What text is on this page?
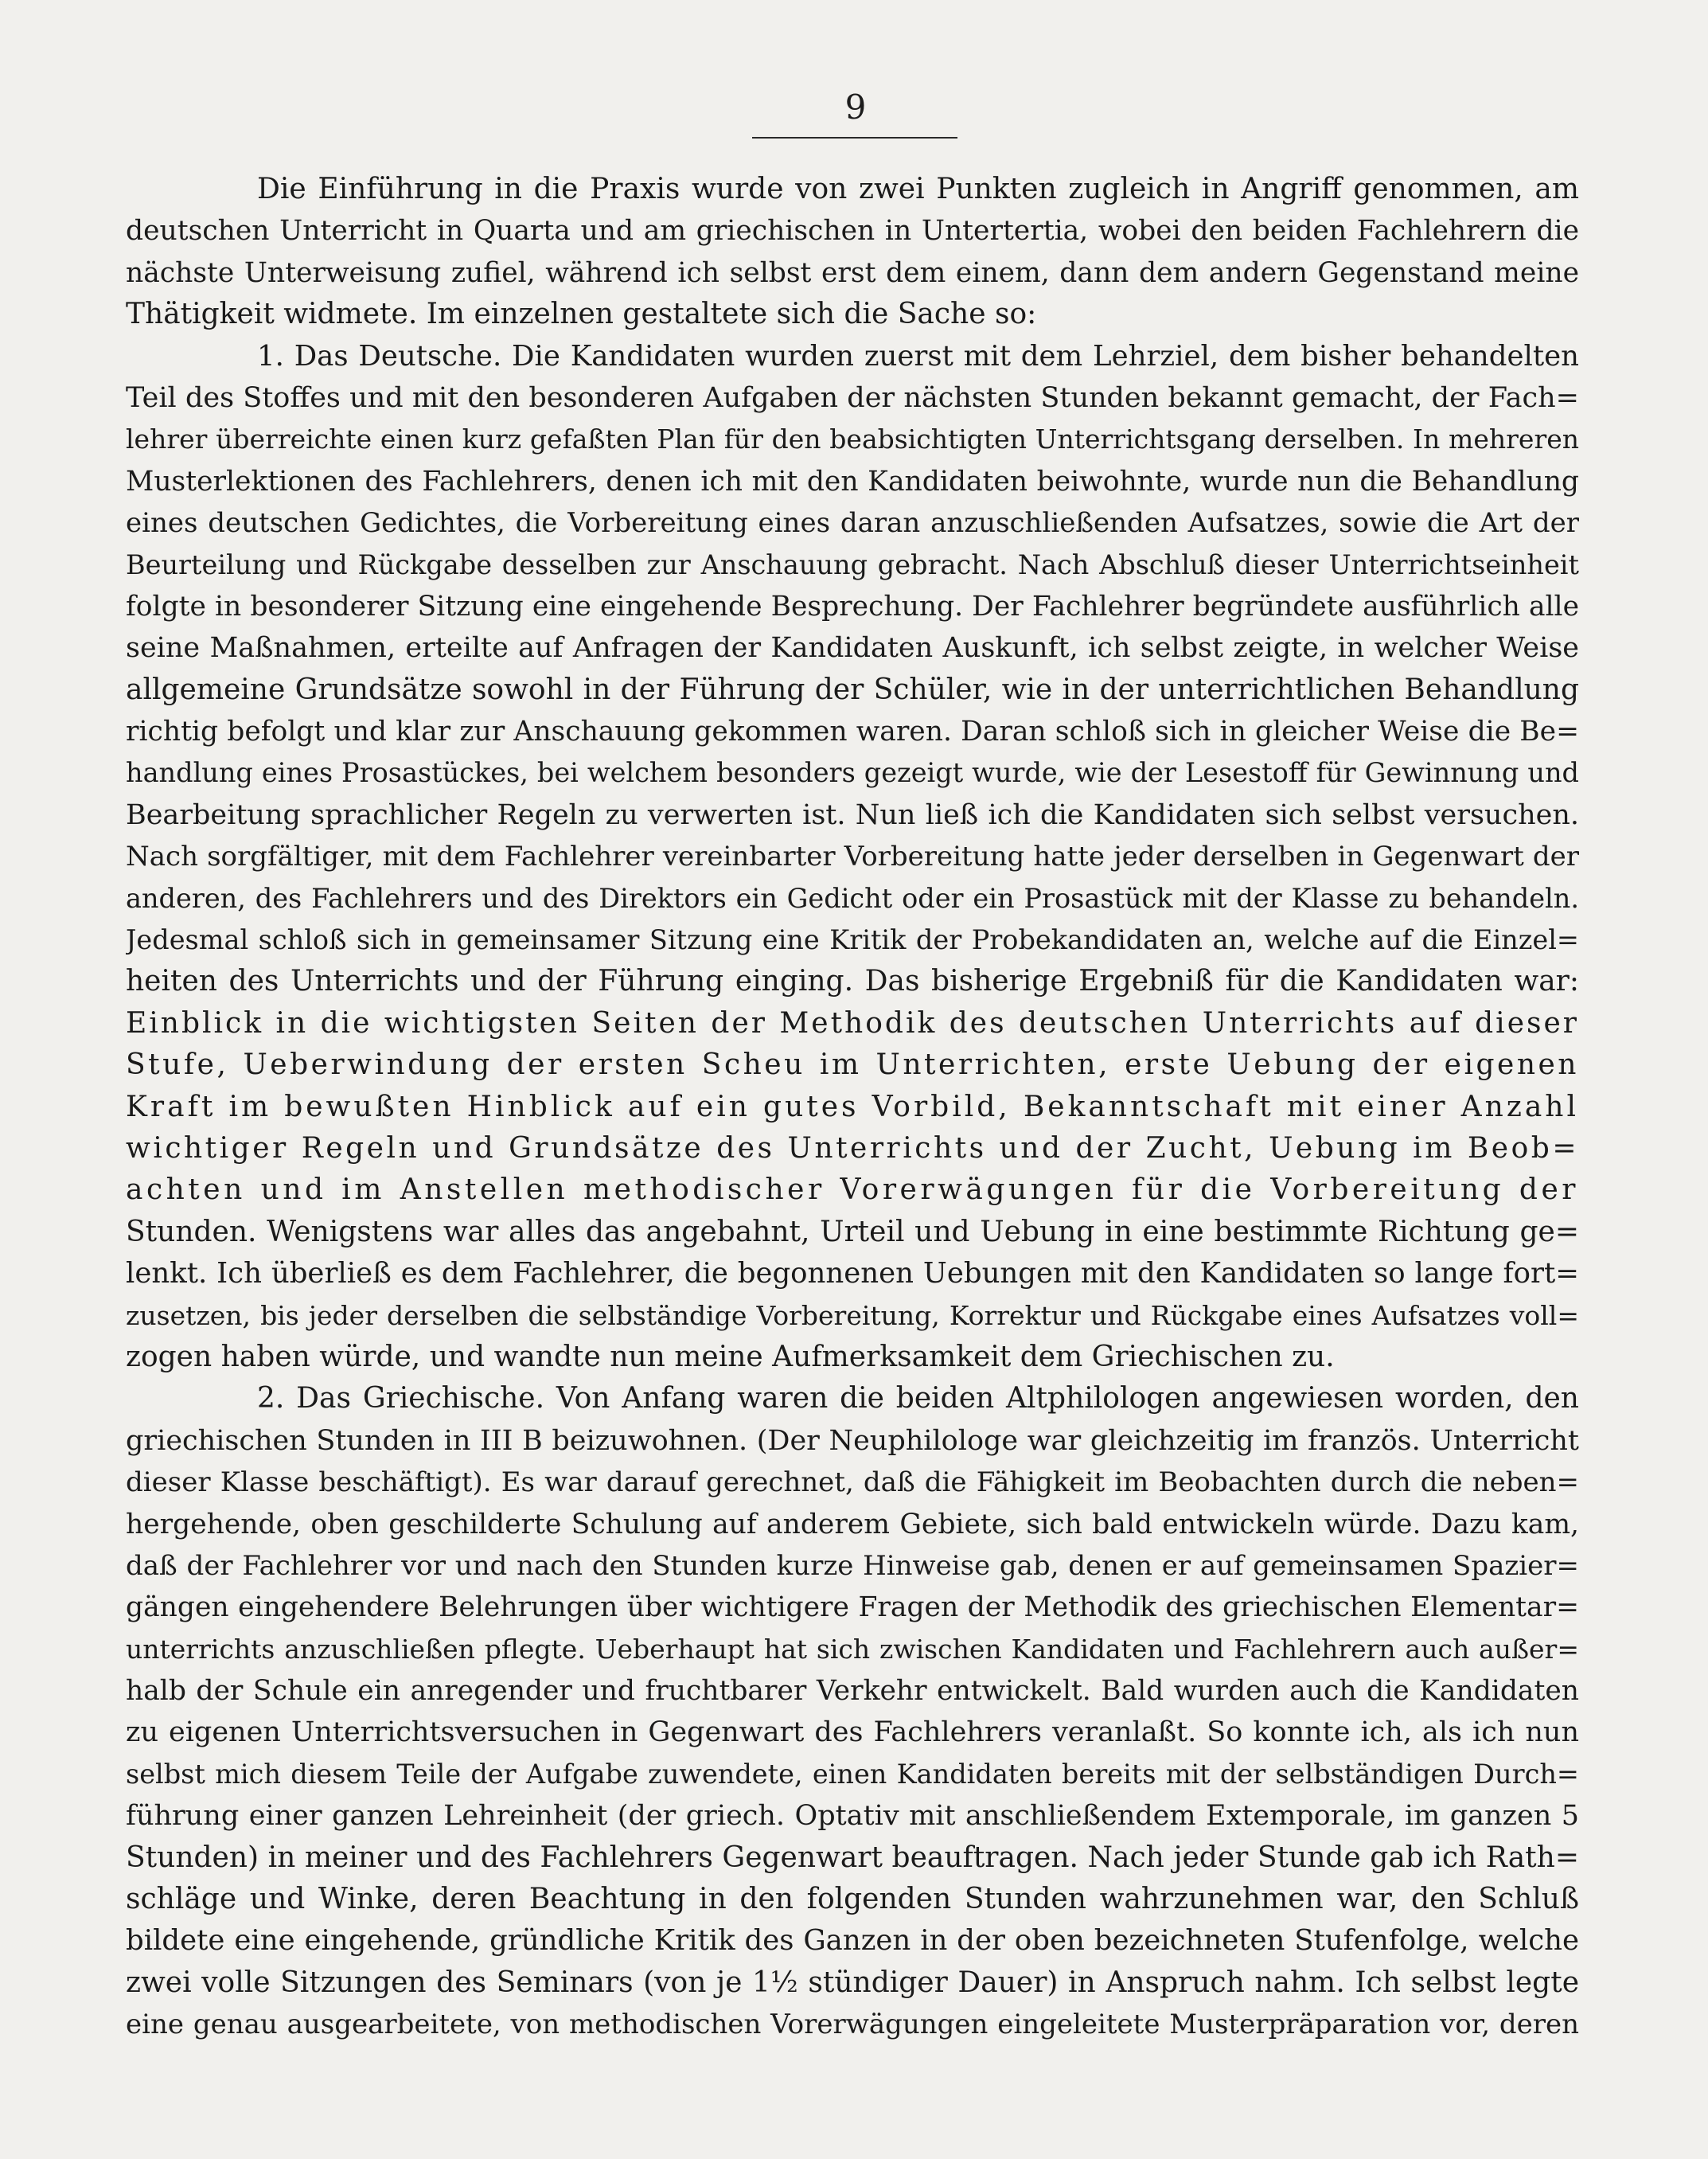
9
Die Einführung in die Praxis wurde von zwei Punkten zugleich in Angriff genommen, am
deutschen Unterricht in Quarta und am griechischen in Untertertia, wobei den beiden Fachlehrern die
nächste Unterweisung zufiel, während ich selbst erst dem einem, dann dem andern Gegenstand meine
Thätigkeit widmete. Im einzelnen gestaltete sich die Sache so:
1. Das Deutsche. Die Kandidaten wurden zuerst mit dem Lehrziel, dem bisher behandelten
Teil des Stoffes und mit den besonderen Aufgaben der nächsten Stunden bekannt gemacht, der Fach=
lehrer überreichte einen kurz gefaßten Plan für den beabsichtigten Unterrichtsgang derselben. In mehreren
Musterlektionen des Fachlehrers, denen ich mit den Kandidaten beiwohnte, wurde nun die Behandlung
eines deutschen Gedichtes, die Vorbereitung eines daran anzuschließenden Aufsatzes, sowie die Art der
Beurteilung und Rückgabe desselben zur Anschauung gebracht. Nach Abschluß dieser Unterrichtseinheit
folgte in besonderer Sitzung eine eingehende Besprechung. Der Fachlehrer begründete ausführlich alle
seine Maßnahmen, erteilte auf Anfragen der Kandidaten Auskunft, ich selbst zeigte, in welcher Weise
allgemeine Grundsätze sowohl in der Führung der Schüler, wie in der unterrichtlichen Behandlung
richtig befolgt und klar zur Anschauung gekommen waren. Daran schloß sich in gleicher Weise die Be=
handlung eines Prosastückes, bei welchem besonders gezeigt wurde, wie der Lesestoff für Gewinnung und
Bearbeitung sprachlicher Regeln zu verwerten ist. Nun ließ ich die Kandidaten sich selbst versuchen.
Nach sorgfältiger, mit dem Fachlehrer vereinbarter Vorbereitung hatte jeder derselben in Gegenwart der
anderen, des Fachlehrers und des Direktors ein Gedicht oder ein Prosastück mit der Klasse zu behandeln.
Jedesmal schloß sich in gemeinsamer Sitzung eine Kritik der Probekandidaten an, welche auf die Einzel=
heiten des Unterrichts und der Führung einging. Das bisherige Ergebniß für die Kandidaten war:
Einblick in die wichtigsten Seiten der Methodik des deutschen Unterrichts auf dieser
Stufe, Ueberwindung der ersten Scheu im Unterrichten, erste Uebung der eigenen
Kraft im bewußten Hinblick auf ein gutes Vorbild, Bekanntschaft mit einer Anzahl
wichtiger Regeln und Grundsätze des Unterrichts und der Zucht, Uebung im Beob=
achten und im Anstellen methodischer Vorerwägungen für die Vorbereitung der
Stunden. Wenigstens war alles das angebahnt, Urteil und Uebung in eine bestimmte Richtung ge=
lenkt. Ich überließ es dem Fachlehrer, die begonnenen Uebungen mit den Kandidaten so lange fort=
zusetzen, bis jeder derselben die selbständige Vorbereitung, Korrektur und Rückgabe eines Aufsatzes voll=
zogen haben würde, und wandte nun meine Aufmerksamkeit dem Griechischen zu.
2. Das Griechische. Von Anfang waren die beiden Altphilologen angewiesen worden, den
griechischen Stunden in III B beizuwohnen. (Der Neuphilologe war gleichzeitig im französ. Unterricht
dieser Klasse beschäftigt). Es war darauf gerechnet, daß die Fähigkeit im Beobachten durch die neben=
hergehende, oben geschilderte Schulung auf anderem Gebiete, sich bald entwickeln würde. Dazu kam,
daß der Fachlehrer vor und nach den Stunden kurze Hinweise gab, denen er auf gemeinsamen Spazier=
gängen eingehendere Belehrungen über wichtigere Fragen der Methodik des griechischen Elementar=
unterrichts anzuschließen pflegte. Ueberhaupt hat sich zwischen Kandidaten und Fachlehrern auch außer=
halb der Schule ein anregender und fruchtbarer Verkehr entwickelt. Bald wurden auch die Kandidaten
zu eigenen Unterrichtsversuchen in Gegenwart des Fachlehrers veranlaßt. So konnte ich, als ich nun
selbst mich diesem Teile der Aufgabe zuwendete, einen Kandidaten bereits mit der selbständigen Durch=
führung einer ganzen Lehreinheit (der griech. Optativ mit anschließendem Extemporale, im ganzen 5
Stunden) in meiner und des Fachlehrers Gegenwart beauftragen. Nach jeder Stunde gab ich Rath=
schläge und Winke, deren Beachtung in den folgenden Stunden wahrzunehmen war, den Schluß
bildete eine eingehende, gründliche Kritik des Ganzen in der oben bezeichneten Stufenfolge, welche
zwei volle Sitzungen des Seminars (von je 1½ stündiger Dauer) in Anspruch nahm. Ich selbst legte
eine genau ausgearbeitete, von methodischen Vorerwägungen eingeleitete Musterpräparation vor, deren
